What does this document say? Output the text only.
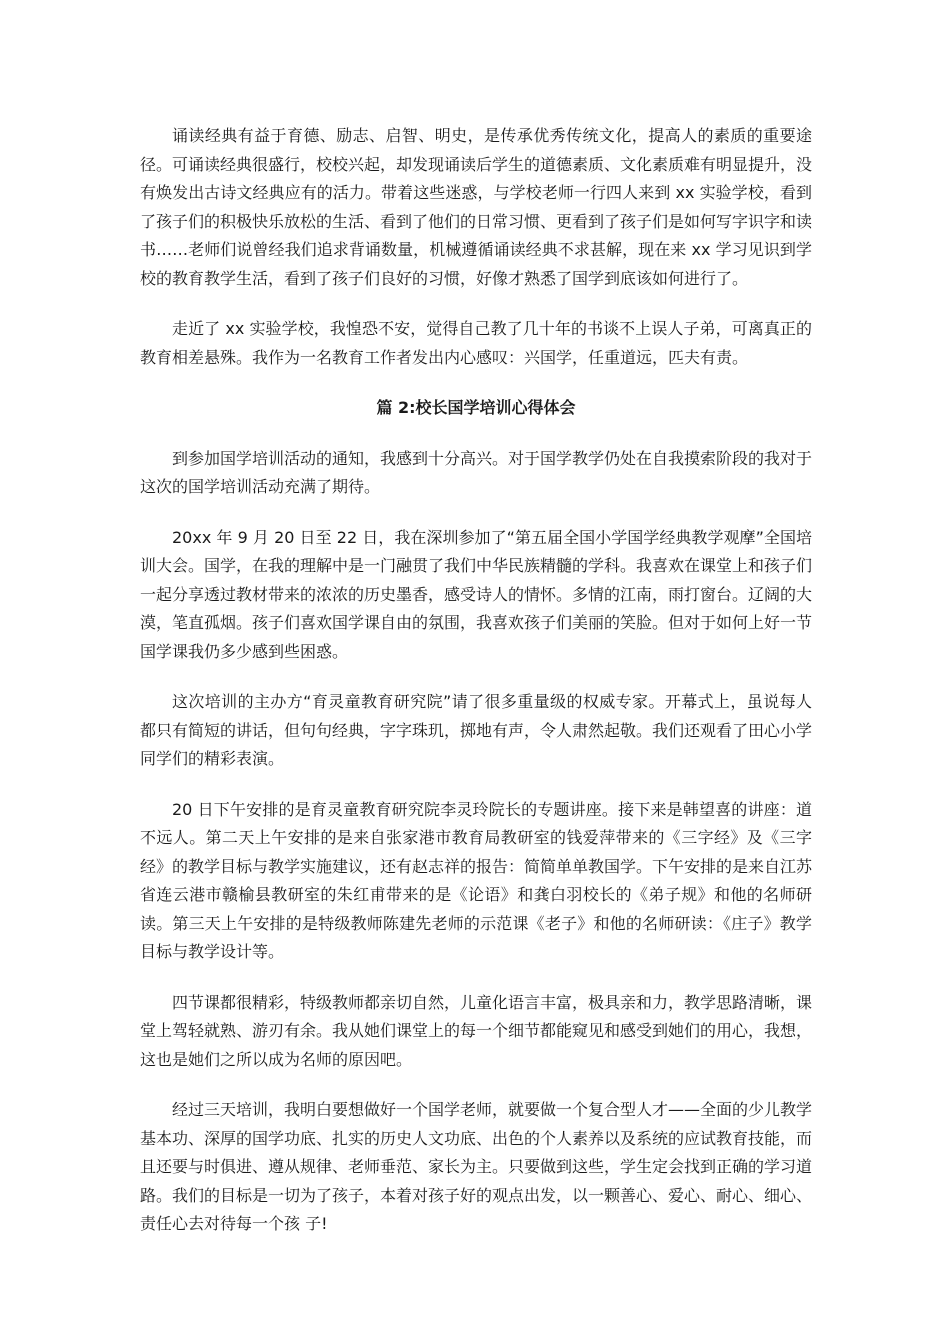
诵读经典有益于育德、励志、启智、明史，是传承优秀传统文化，提高人的素质的重要途径。可诵读经典很盛行，校校兴起，却发现诵读后学生的道德素质、文化素质难有明显提升，没有焕发出古诗文经典应有的活力。带着这些迷惑，与学校老师一行四人来到 xx 实验学校，看到了孩子们的积极快乐放松的生活、看到了他们的日常习惯、更看到了孩子们是如何写字识字和读书……老师们说曾经我们追求背诵数量，机械遵循诵读经典不求甚解，现在来 xx 学习见识到学校的教育教学生活，看到了孩子们良好的习惯，好像才熟悉了国学到底该如何进行了。

走近了 xx 实验学校，我惶恐不安，觉得自己教了几十年的书谈不上误人子弟，可离真正的教育相差悬殊。我作为一名教育工作者发出内心感叹：兴国学，任重道远，匹夫有责。

篇 2:校长国学培训心得体会

到参加国学培训活动的通知，我感到十分高兴。对于国学教学仍处在自我摸索阶段的我对于这次的国学培训活动充满了期待。

20xx 年 9 月 20 日至 22 日，我在深圳参加了“第五届全国小学国学经典教学观摩”全国培训大会。国学，在我的理解中是一门融贯了我们中华民族精髓的学科。我喜欢在课堂上和孩子们一起分享透过教材带来的浓浓的历史墨香，感受诗人的情怀。多情的江南，雨打窗台。辽阔的大漠，笔直孤烟。孩子们喜欢国学课自由的氛围，我喜欢孩子们美丽的笑脸。但对于如何上好一节国学课我仍多少感到些困惑。

这次培训的主办方“育灵童教育研究院”请了很多重量级的权威专家。开幕式上，虽说每人都只有简短的讲话，但句句经典，字字珠玑，掷地有声，令人肃然起敬。我们还观看了田心小学同学们的精彩表演。

20 日下午安排的是育灵童教育研究院李灵玲院长的专题讲座。接下来是韩望喜的讲座：道不远人。第二天上午安排的是来自张家港市教育局教研室的钱爱萍带来的《三字经》及《三字经》的教学目标与教学实施建议，还有赵志祥的报告：简简单单教国学。下午安排的是来自江苏省连云港市赣榆县教研室的朱红甫带来的是《论语》和龚白羽校长的《弟子规》和他的名师研读。第三天上午安排的是特级教师陈建先老师的示范课《老子》和他的名师研读：《庄子》教学目标与教学设计等。

四节课都很精彩，特级教师都亲切自然，儿童化语言丰富，极具亲和力，教学思路清晰，课堂上驾轻就熟、游刃有余。我从她们课堂上的每一个细节都能窥见和感受到她们的用心，我想，这也是她们之所以成为名师的原因吧。

经过三天培训，我明白要想做好一个国学老师，就要做一个复合型人才——全面的少儿教学基本功、深厚的国学功底、扎实的历史人文功底、出色的个人素养以及系统的应试教育技能，而且还要与时俱进、遵从规律、老师垂范、家长为主。只要做到这些，学生定会找到正确的学习道路。我们的目标是一切为了孩子，本着对孩子好的观点出发，以一颗善心、爱心、耐心、细心、责任心去对待每一个孩 子!
